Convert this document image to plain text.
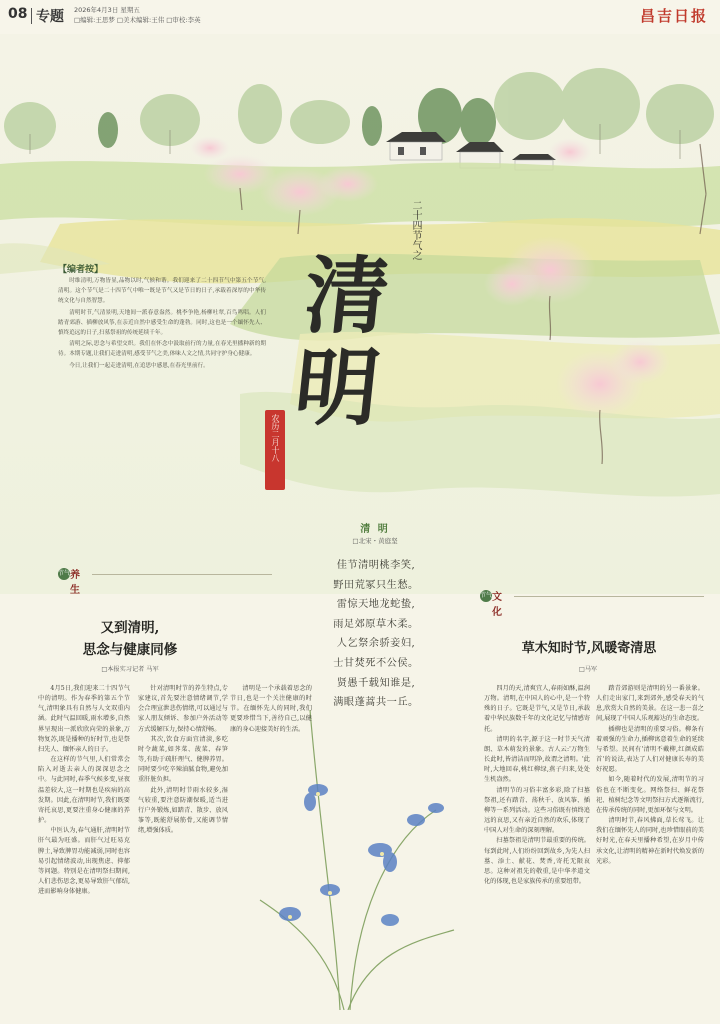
08 专题 2026年4月3日 星期五
□编辑:王思梦 □美术编辑:王伟 □审校:李英	昌吉日报
【编者按】

时维清明,万物皆显,品物以时,气候和谐。我们迎来了二十四节气中第五个节气,清明。这个节气是二十四节气中唯一既是节气又是节日的日子,承载着深厚的中华传统文化与自然智慧。

清明时节,气清景明,天地间一派春意盎然。桃李争艳,杨柳吐翠,百鸟鸣唱。人们踏青郊游、插柳放风筝,在亲近自然中感受生命的蓬勃。同时,这也是一个缅怀先人、慎终追远的日子,扫墓祭祖的传统延续千年。

清明之际,思念与希望交织。我们在怀念中汲取前行的力量,在春光里播种新的期待。本期专题,让我们走进清明,感受节气之美,体味人文之情,共同守护身心健康。

今日,让我们一起走进清明,在追思中感恩,在春光里前行。

二十四节气之
清
明
农历二月十八
清 明
□北宋・黄庭坚
佳节清明桃李笑,
野田荒冢只生愁。
雷惊天地龙蛇蛰,
雨足郊原草木柔。
人乞祭余骄妾妇,
士甘焚死不公侯。
贤愚千载知谁是,
满眼蓬蒿共一丘。
节气 养生	节气 文化
又到清明,
思念与健康同修
□本报实习记者 马军

4月5日,我们迎来二十四节气中的清明。作为春季的第五个节气,清明象具有自然与人文双重内涵。此时气温回暖,雨水增多,自然界呈现出一派欣欣向荣的景象,万物复苏,既是播种的好时节,也是祭扫先人、缅怀亲人的日子。

在这样的节气里,人们常常会陷入对逝去亲人的深深思念之中。与此同时,春季气候多变,昼夜温差较大,这一时期也是疾病的高发期。因此,在清明时节,我们既要寄托哀思,更要注重身心健康的养护。

中医认为,春气通肝,清明时节肝气最为旺盛。而肝气过旺易克脾土,导致脾胃功能减弱,同时也容易引起情绪波动,出现焦虑、抑郁等问题。特别是在清明祭扫期间,人们悲伤思念,更易导致肝气郁结,进而影响身体健康。

针对清明时节的养生特点,专家建议,首先要注意情绪调节,学会合理宣泄悲伤情绪,可以通过与家人朋友倾诉、参加户外活动等方式缓解压力,保持心情舒畅。

其次,饮食方面宜清淡,多吃时令蔬菜,如荠菜、菠菜、春笋等,有助于疏肝理气、健脾养胃。同时要少吃辛辣油腻食物,避免加重肝脏负担。

此外,清明时节雨水较多,湿气较重,要注意防潮保暖,适当进行户外锻炼,如踏青、散步、放风筝等,既能舒展筋骨,又能调节情绪,增强体质。

清明是一个承载着思念的节日,也是一个关注健康的时节。在缅怀先人的同时,我们更要珍惜当下,善待自己,以健康的身心迎接美好的生活。

草木知时节,风暖寄清思
□马军

四月的天,清爽宜人,春雨如酥,温润万物。清明,在中国人的心中,是一个特殊的日子。它既是节气,又是节日,承载着中华民族数千年的文化记忆与情感寄托。

清明的名字,源于这一时节天气清朗、草木萌发的景象。古人云:'万物生长此时,皆清洁而明净,故谓之清明。'此时,大地回春,桃红柳绿,燕子归来,处处生机盎然。

清明节的习俗丰富多彩,除了扫墓祭祖,还有踏青、荡秋千、放风筝、插柳等一系列活动。这些习俗既有慎终追远的哀思,又有亲近自然的欢乐,体现了中国人对生命的深刻理解。

扫墓祭祖是清明节最重要的传统。每到此时,人们纷纷回到故乡,为先人扫墓、添土、献花、焚香,寄托无限哀思。这种对祖先的敬重,是中华孝道文化的体现,也是家族传承的重要纽带。

踏青郊游则是清明的另一番景象。人们走出家门,来到郊外,感受春天的气息,欣赏大自然的美景。在这一悲一喜之间,展现了中国人乐观豁达的生命态度。

插柳也是清明的重要习俗。柳条有着顽强的生命力,插柳寓意着生命的延续与希望。民间有'清明不戴柳,红颜成皓首'的说法,表达了人们对健康长寿的美好祝愿。

如今,随着时代的发展,清明节的习俗也在不断变化。网络祭扫、鲜花祭祀、植树纪念等文明祭扫方式逐渐流行,在传承传统的同时,更加环保与文明。

清明时节,春风拂面,草长莺飞。让我们在缅怀先人的同时,也珍惜眼前的美好时光,在春天里播种希望,在岁月中传承文化,让清明的精神在新时代焕发新的光彩。
